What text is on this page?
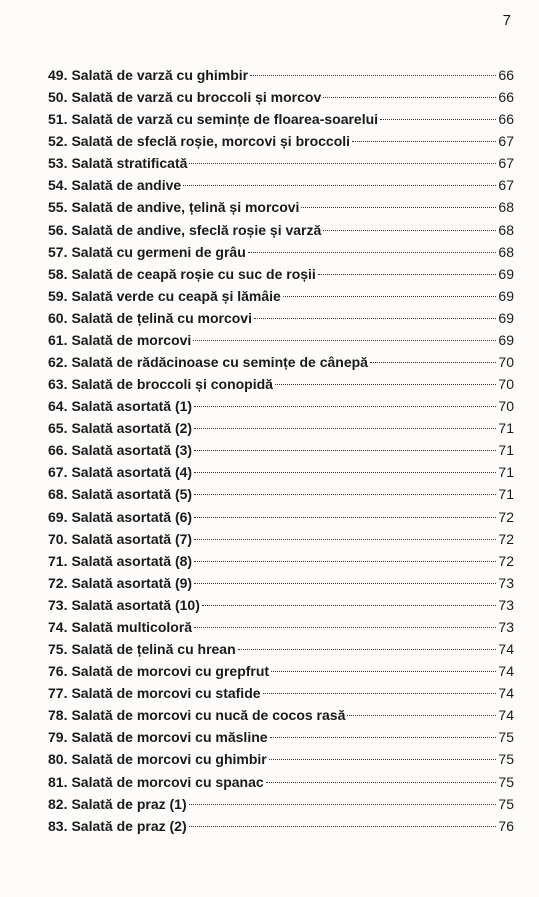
7
49. Salată de varză cu ghimbir	66
50. Salată de varză cu broccoli și morcov	66
51. Salată de varză cu semințe de floarea-soarelui	66
52. Salată de sfeclă roșie, morcovi și broccoli	67
53. Salată stratificată	67
54. Salată de andive	67
55. Salată de andive, țelină și morcovi	68
56. Salată de andive, sfeclă roșie și varză	68
57. Salată cu germeni de grâu	68
58. Salată de ceapă roșie cu suc de roșii	69
59. Salată verde cu ceapă și lămâie	69
60. Salată de țelină cu morcovi	69
61. Salată de morcovi	69
62. Salată de rădăcinoase cu semințe de cânepă	70
63. Salată de broccoli și conopidă	70
64. Salată asortată (1)	70
65. Salată asortată (2)	71
66. Salată asortată (3)	71
67. Salată asortată (4)	71
68. Salată asortată (5)	71
69. Salată asortată (6)	72
70. Salată asortată (7)	72
71. Salată asortată (8)	72
72. Salată asortată (9)	73
73. Salată asortată (10)	73
74. Salată multicoloră	73
75. Salată de țelină cu hrean	74
76. Salată de morcovi cu grepfrut	74
77. Salată de morcovi cu stafide	74
78. Salată de morcovi cu nucă de cocos rasă	74
79. Salată de morcovi cu măsline	75
80. Salată de morcovi cu ghimbir	75
81. Salată de morcovi cu spanac	75
82. Salată de praz (1)	75
83. Salată de praz (2)	76
